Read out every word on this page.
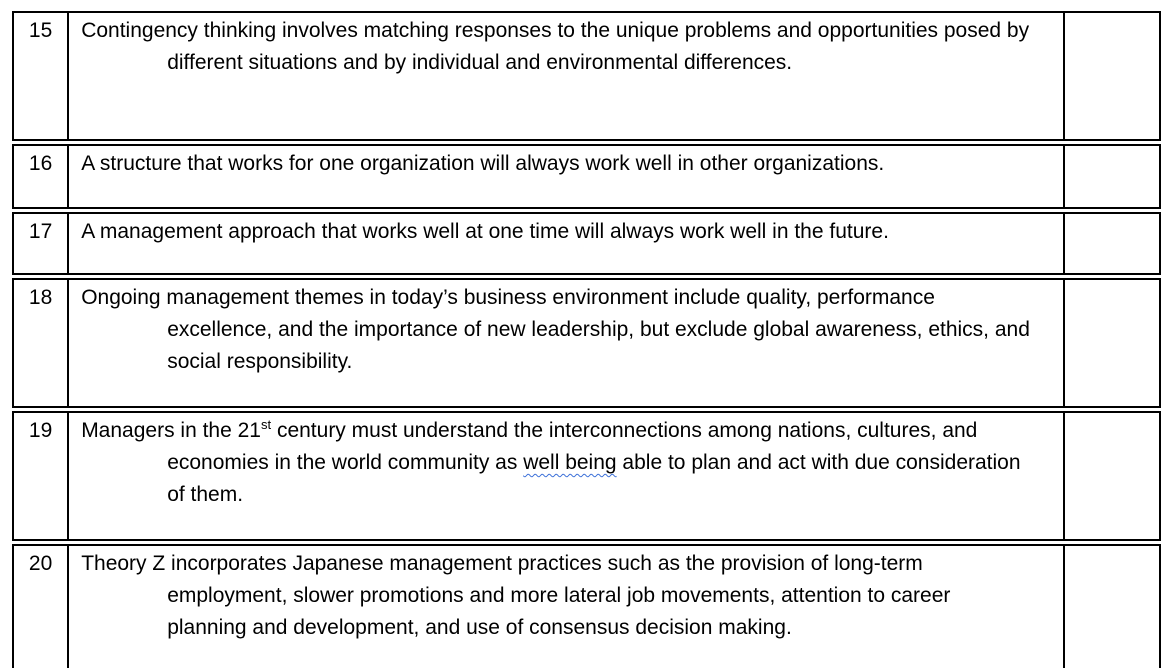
15	Contingency thinking involves matching responses to the unique problems and opportunities posed by different situations and by individual and environmental differences.	

16	A structure that works for one organization will always work well in other organizations.	

17	A management approach that works well at one time will always work well in the future.	

18	Ongoing management themes in today’s business environment include quality, performance excellence, and the importance of new leadership, but exclude global awareness, ethics, and social responsibility.	

19	Managers in the 21st century must understand the interconnections among nations, cultures, and economies in the world community as well being able to plan and act with due consideration of them.	

20	Theory Z incorporates Japanese management practices such as the provision of long-term employment, slower promotions and more lateral job movements, attention to career planning and development, and use of consensus decision making.	
